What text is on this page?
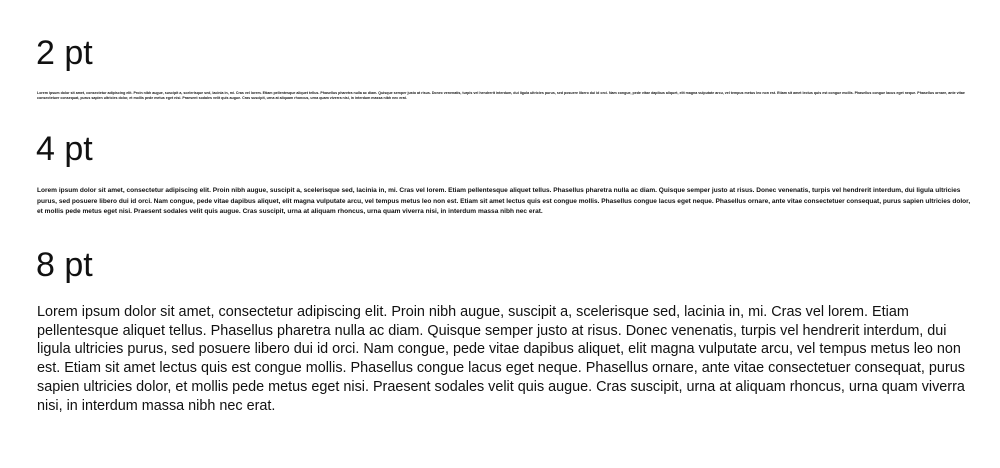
2 pt

Lorem ipsum dolor sit amet, consectetur adipiscing elit. Proin nibh augue, suscipit a, scelerisque sed, lacinia in, mi. Cras vel lorem. Etiam pellentesque aliquet tellus. Phasellus pharetra nulla ac diam. Quisque semper justo at risus. Donec venenatis, turpis vel hendrerit interdum, dui ligula ultricies purus, sed posuere libero dui id orci. Nam congue, pede vitae dapibus aliquet, elit magna vulputate arcu, vel tempus metus leo non est. Etiam sit amet lectus quis est congue mollis. Phasellus congue lacus eget neque. Phasellus ornare, ante vitae consectetuer consequat, purus sapien ultricies dolor, et mollis pede metus eget nisi. Praesent sodales velit quis augue. Cras suscipit, urna at aliquam rhoncus, urna quam viverra nisi, in interdum massa nibh nec erat.

4 pt

Lorem ipsum dolor sit amet, consectetur adipiscing elit. Proin nibh augue, suscipit a, scelerisque sed, lacinia in, mi. Cras vel lorem. Etiam pellentesque aliquet tellus. Phasellus pharetra nulla ac diam. Quisque semper justo at risus. Donec venenatis, turpis vel hendrerit interdum, dui ligula ultricies purus, sed posuere libero dui id orci. Nam congue, pede vitae dapibus aliquet, elit magna vulputate arcu, vel tempus metus leo non est. Etiam sit amet lectus quis est congue mollis. Phasellus congue lacus eget neque. Phasellus ornare, ante vitae consectetuer consequat, purus sapien ultricies dolor, et mollis pede metus eget nisi. Praesent sodales velit quis augue. Cras suscipit, urna at aliquam rhoncus, urna quam viverra nisi, in interdum massa nibh nec erat.

8 pt

Lorem ipsum dolor sit amet, consectetur adipiscing elit. Proin nibh augue, suscipit a, scelerisque sed, lacinia in, mi. Cras vel lorem. Etiam pellentesque aliquet tellus. Phasellus pharetra nulla ac diam. Quisque semper justo at risus. Donec venenatis, turpis vel hendrerit interdum, dui ligula ultricies purus, sed posuere libero dui id orci. Nam congue, pede vitae dapibus aliquet, elit magna vulputate arcu, vel tempus metus leo non est. Etiam sit amet lectus quis est congue mollis. Phasellus congue lacus eget neque. Phasellus ornare, ante vitae consectetuer consequat, purus sapien ultricies dolor, et mollis pede metus eget nisi. Praesent sodales velit quis augue. Cras suscipit, urna at aliquam rhoncus, urna quam viverra nisi, in interdum massa nibh nec erat.
